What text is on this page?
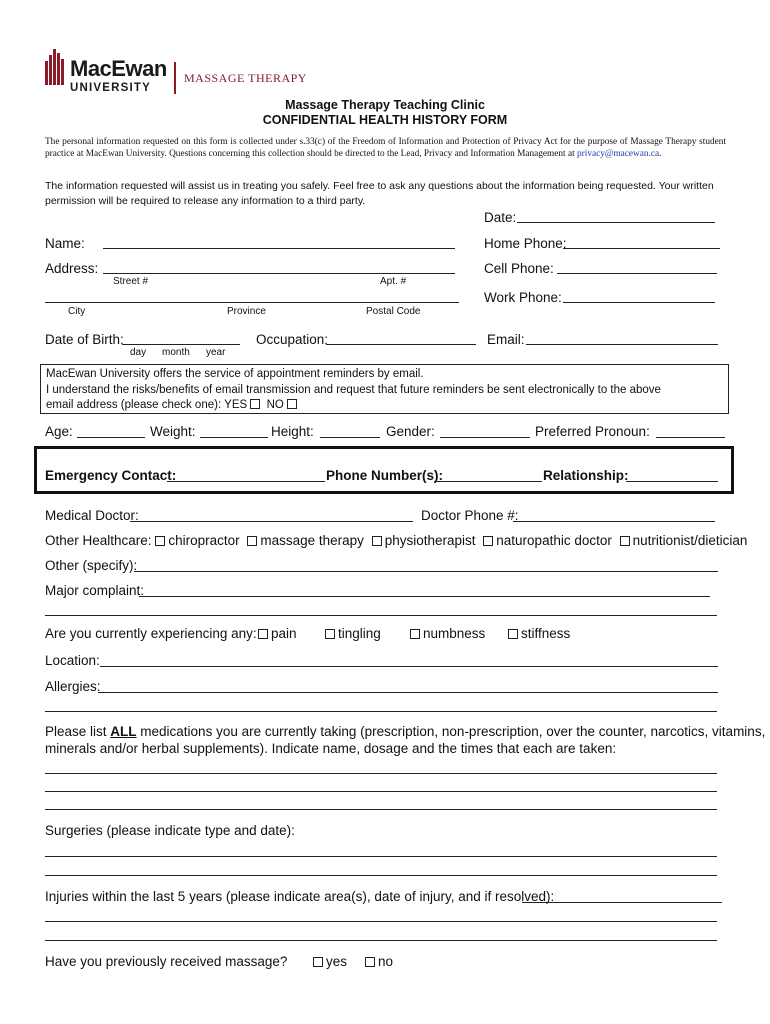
MacEwan
UNIVERSITY
MASSAGE THERAPY
Massage Therapy Teaching Clinic
CONFIDENTIAL HEALTH HISTORY FORM
The personal information requested on this form is collected under s.33(c) of the Freedom of Information and Protection of Privacy Act for the purpose of Massage Therapy student practice at MacEwan University. Questions concerning this collection should be directed to the Lead, Privacy and Information Management at privacy@macewan.ca.
The information requested will assist us in treating you safely. Feel free to ask any questions about the information being requested. Your written permission will be required to release any information to a third party.
Date:
Name:	Home Phone:
Address:
Street #	Apt. #
Cell Phone:
City	Province	Postal Code
Work Phone:
Date of Birth:
day month year
Occupation:	Email:
MacEwan University offers the service of appointment reminders by email.
I understand the risks/benefits of email transmission and request that future reminders be sent electronically to the above
email address (please check one): YES NO
Age:	Weight:	Height:	Gender:	Preferred Pronoun:
Emergency Contact:	Phone Number(s):	Relationship:
Medical Doctor:	Doctor Phone #:
Other Healthcare: chiropractor massage therapy physiotherapist naturopathic doctor nutritionist/dietician
Other (specify):
Major complaint:
Are you currently experiencing any:	pain	tingling	numbness	stiffness
Location:
Allergies:
Please list ALL medications you are currently taking (prescription, non-prescription, over the counter, narcotics, vitamins,
minerals and/or herbal supplements). Indicate name, dosage and the times that each are taken:
Surgeries (please indicate type and date):
Injuries within the last 5 years (please indicate area(s), date of injury, and if resolved):
Have you previously received massage?	yes	no
